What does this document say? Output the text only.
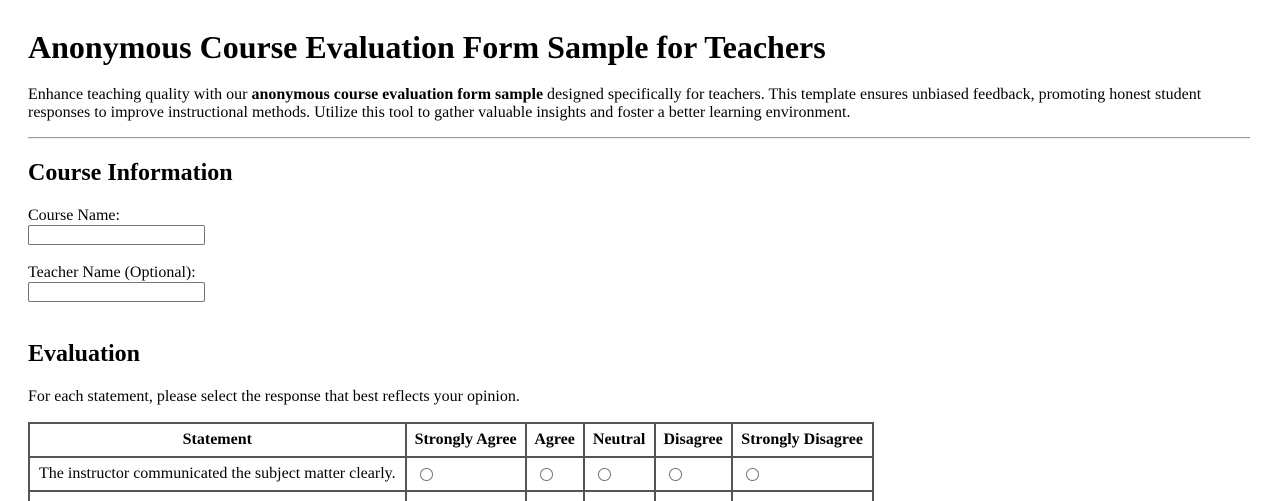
Anonymous Course Evaluation Form Sample for Teachers

Enhance teaching quality with our anonymous course evaluation form sample designed specifically for teachers. This template ensures unbiased feedback, promoting honest student responses to improve instructional methods. Utilize this tool to gather valuable insights and foster a better learning environment.

Course Information
Course Name:
Teacher Name (Optional):
Evaluation

For each statement, please select the response that best reflects your opinion.

Statement	Strongly Agree	Agree	Neutral	Disagree	Strongly Disagree
The instructor communicated the subject matter clearly.					
